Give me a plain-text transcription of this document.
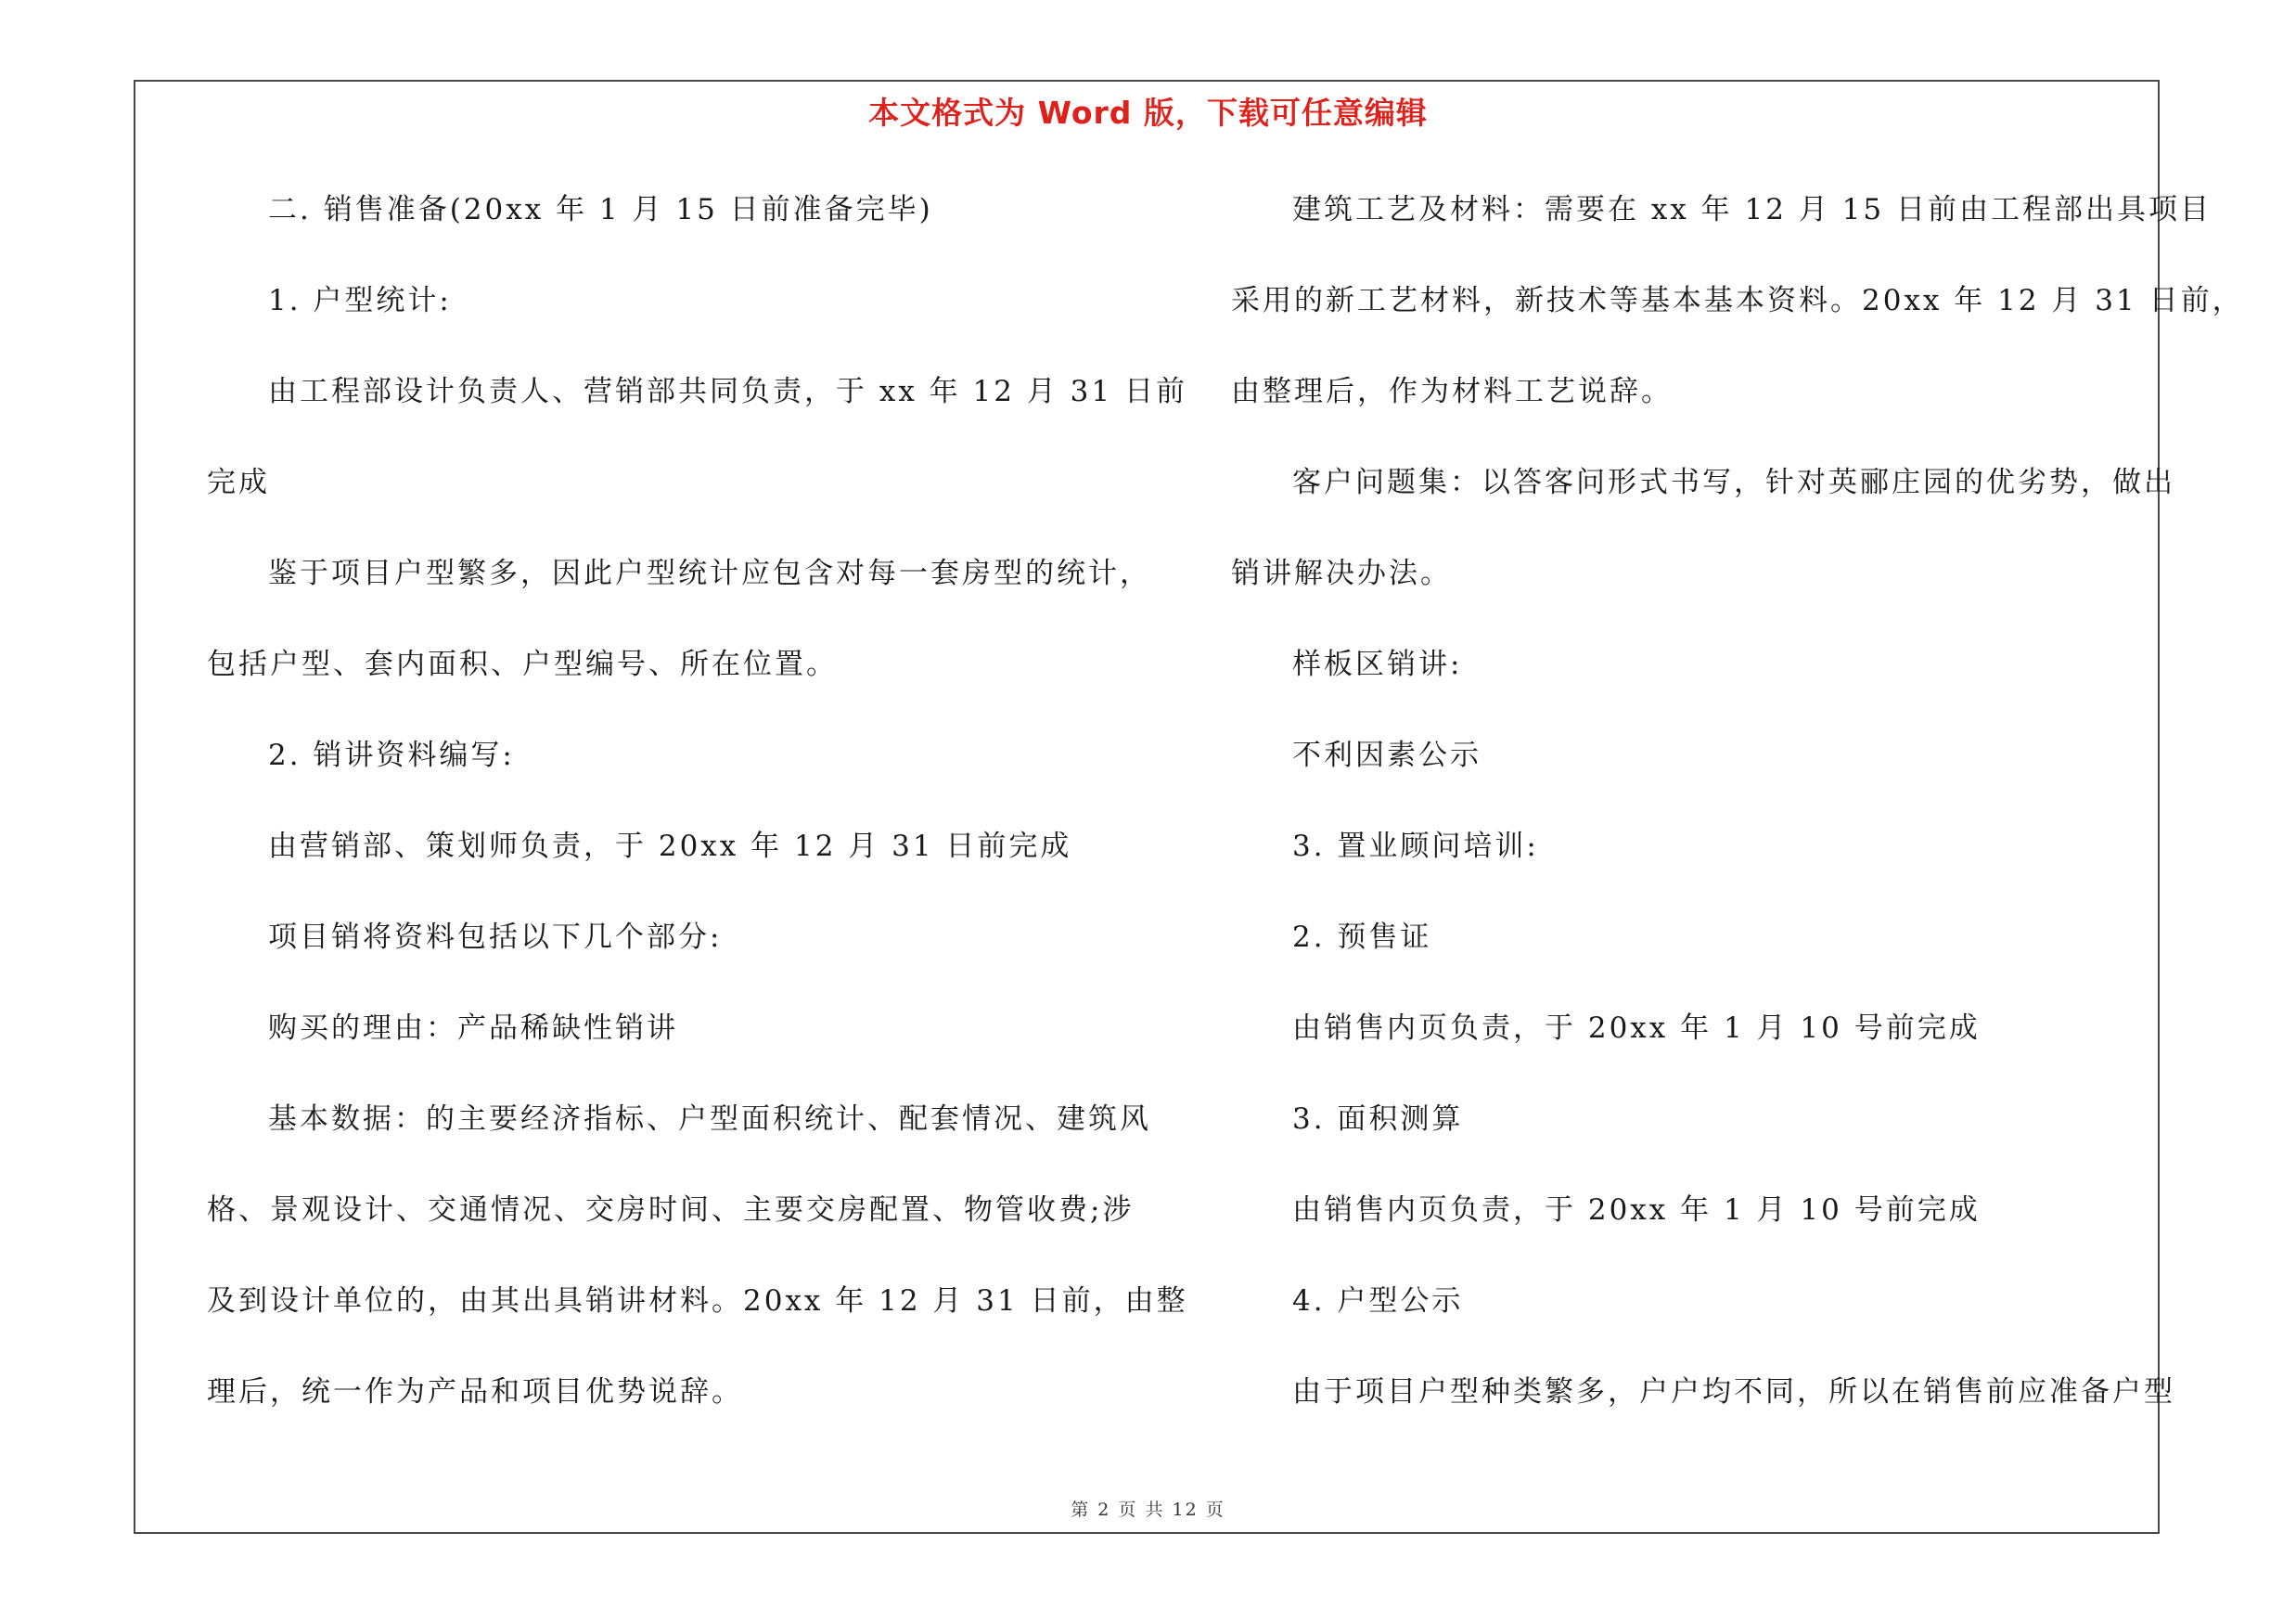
本文格式为 Word 版，下载可任意编辑
二. 销售准备(20xx 年 1 月 15 日前准备完毕)
1. 户型统计:
由工程部设计负责人、营销部共同负责，于 xx 年 12 月 31 日前
完成
鉴于项目户型繁多，因此户型统计应包含对每一套房型的统计，
包括户型、套内面积、户型编号、所在位置。
2. 销讲资料编写:
由营销部、策划师负责，于 20xx 年 12 月 31 日前完成
项目销将资料包括以下几个部分:
购买的理由：产品稀缺性销讲
基本数据：的主要经济指标、户型面积统计、配套情况、建筑风
格、景观设计、交通情况、交房时间、主要交房配置、物管收费;涉
及到设计单位的，由其出具销讲材料。20xx 年 12 月 31 日前，由整
理后，统一作为产品和项目优势说辞。
建筑工艺及材料：需要在 xx 年 12 月 15 日前由工程部出具项目
采用的新工艺材料，新技术等基本基本资料。20xx 年 12 月 31 日前，
由整理后，作为材料工艺说辞。
客户问题集：以答客问形式书写，针对英郦庄园的优劣势，做出
销讲解决办法。
样板区销讲:
不利因素公示
3. 置业顾问培训:
2. 预售证
由销售内页负责，于 20xx 年 1 月 10 号前完成
3. 面积测算
由销售内页负责，于 20xx 年 1 月 10 号前完成
4. 户型公示
由于项目户型种类繁多，户户均不同，所以在销售前应准备户型
第 2 页 共 12 页
